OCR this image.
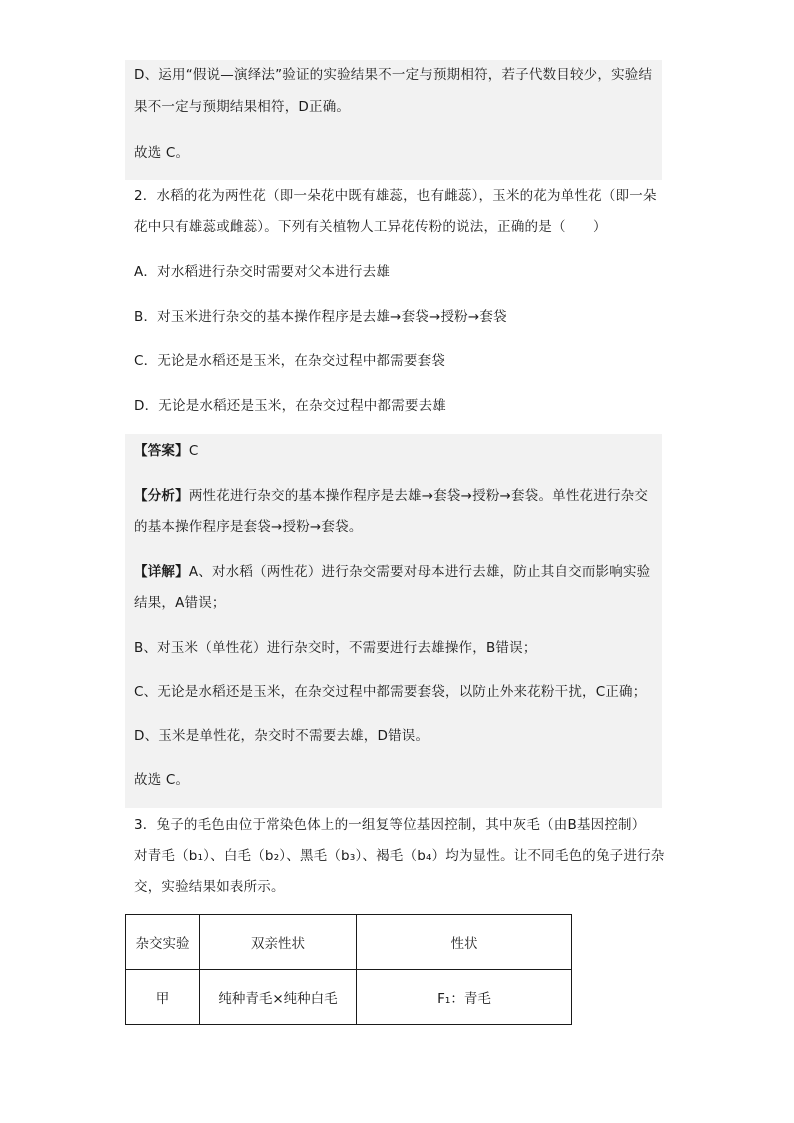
D、运用“假说—演绎法”验证的实验结果不一定与预期相符，若子代数目较少，实验结
果不一定与预期结果相符，D正确。
故选 C。
2．水稻的花为两性花（即一朵花中既有雄蕊，也有雌蕊），玉米的花为单性花（即一朵
花中只有雄蕊或雌蕊）。下列有关植物人工异花传粉的说法，正确的是（　　）
A．对水稻进行杂交时需要对父本进行去雄
B．对玉米进行杂交的基本操作程序是去雄→套袋→授粉→套袋
C．无论是水稻还是玉米，在杂交过程中都需要套袋
D．无论是水稻还是玉米，在杂交过程中都需要去雄
【答案】C
【分析】两性花进行杂交的基本操作程序是去雄→套袋→授粉→套袋。单性花进行杂交
的基本操作程序是套袋→授粉→套袋。
【详解】A、对水稻（两性花）进行杂交需要对母本进行去雄，防止其自交而影响实验
结果，A错误；
B、对玉米（单性花）进行杂交时，不需要进行去雄操作，B错误；
C、无论是水稻还是玉米，在杂交过程中都需要套袋，以防止外来花粉干扰，C正确；
D、玉米是单性花，杂交时不需要去雄，D错误。
故选 C。
3．兔子的毛色由位于常染色体上的一组复等位基因控制，其中灰毛（由B基因控制）
对青毛（b₁）、白毛（b₂）、黑毛（b₃）、褐毛（b₄）均为显性。让不同毛色的兔子进行杂
交，实验结果如表所示。
杂交实验	双亲性状	性状
甲	纯种青毛×纯种白毛	F₁：青毛
